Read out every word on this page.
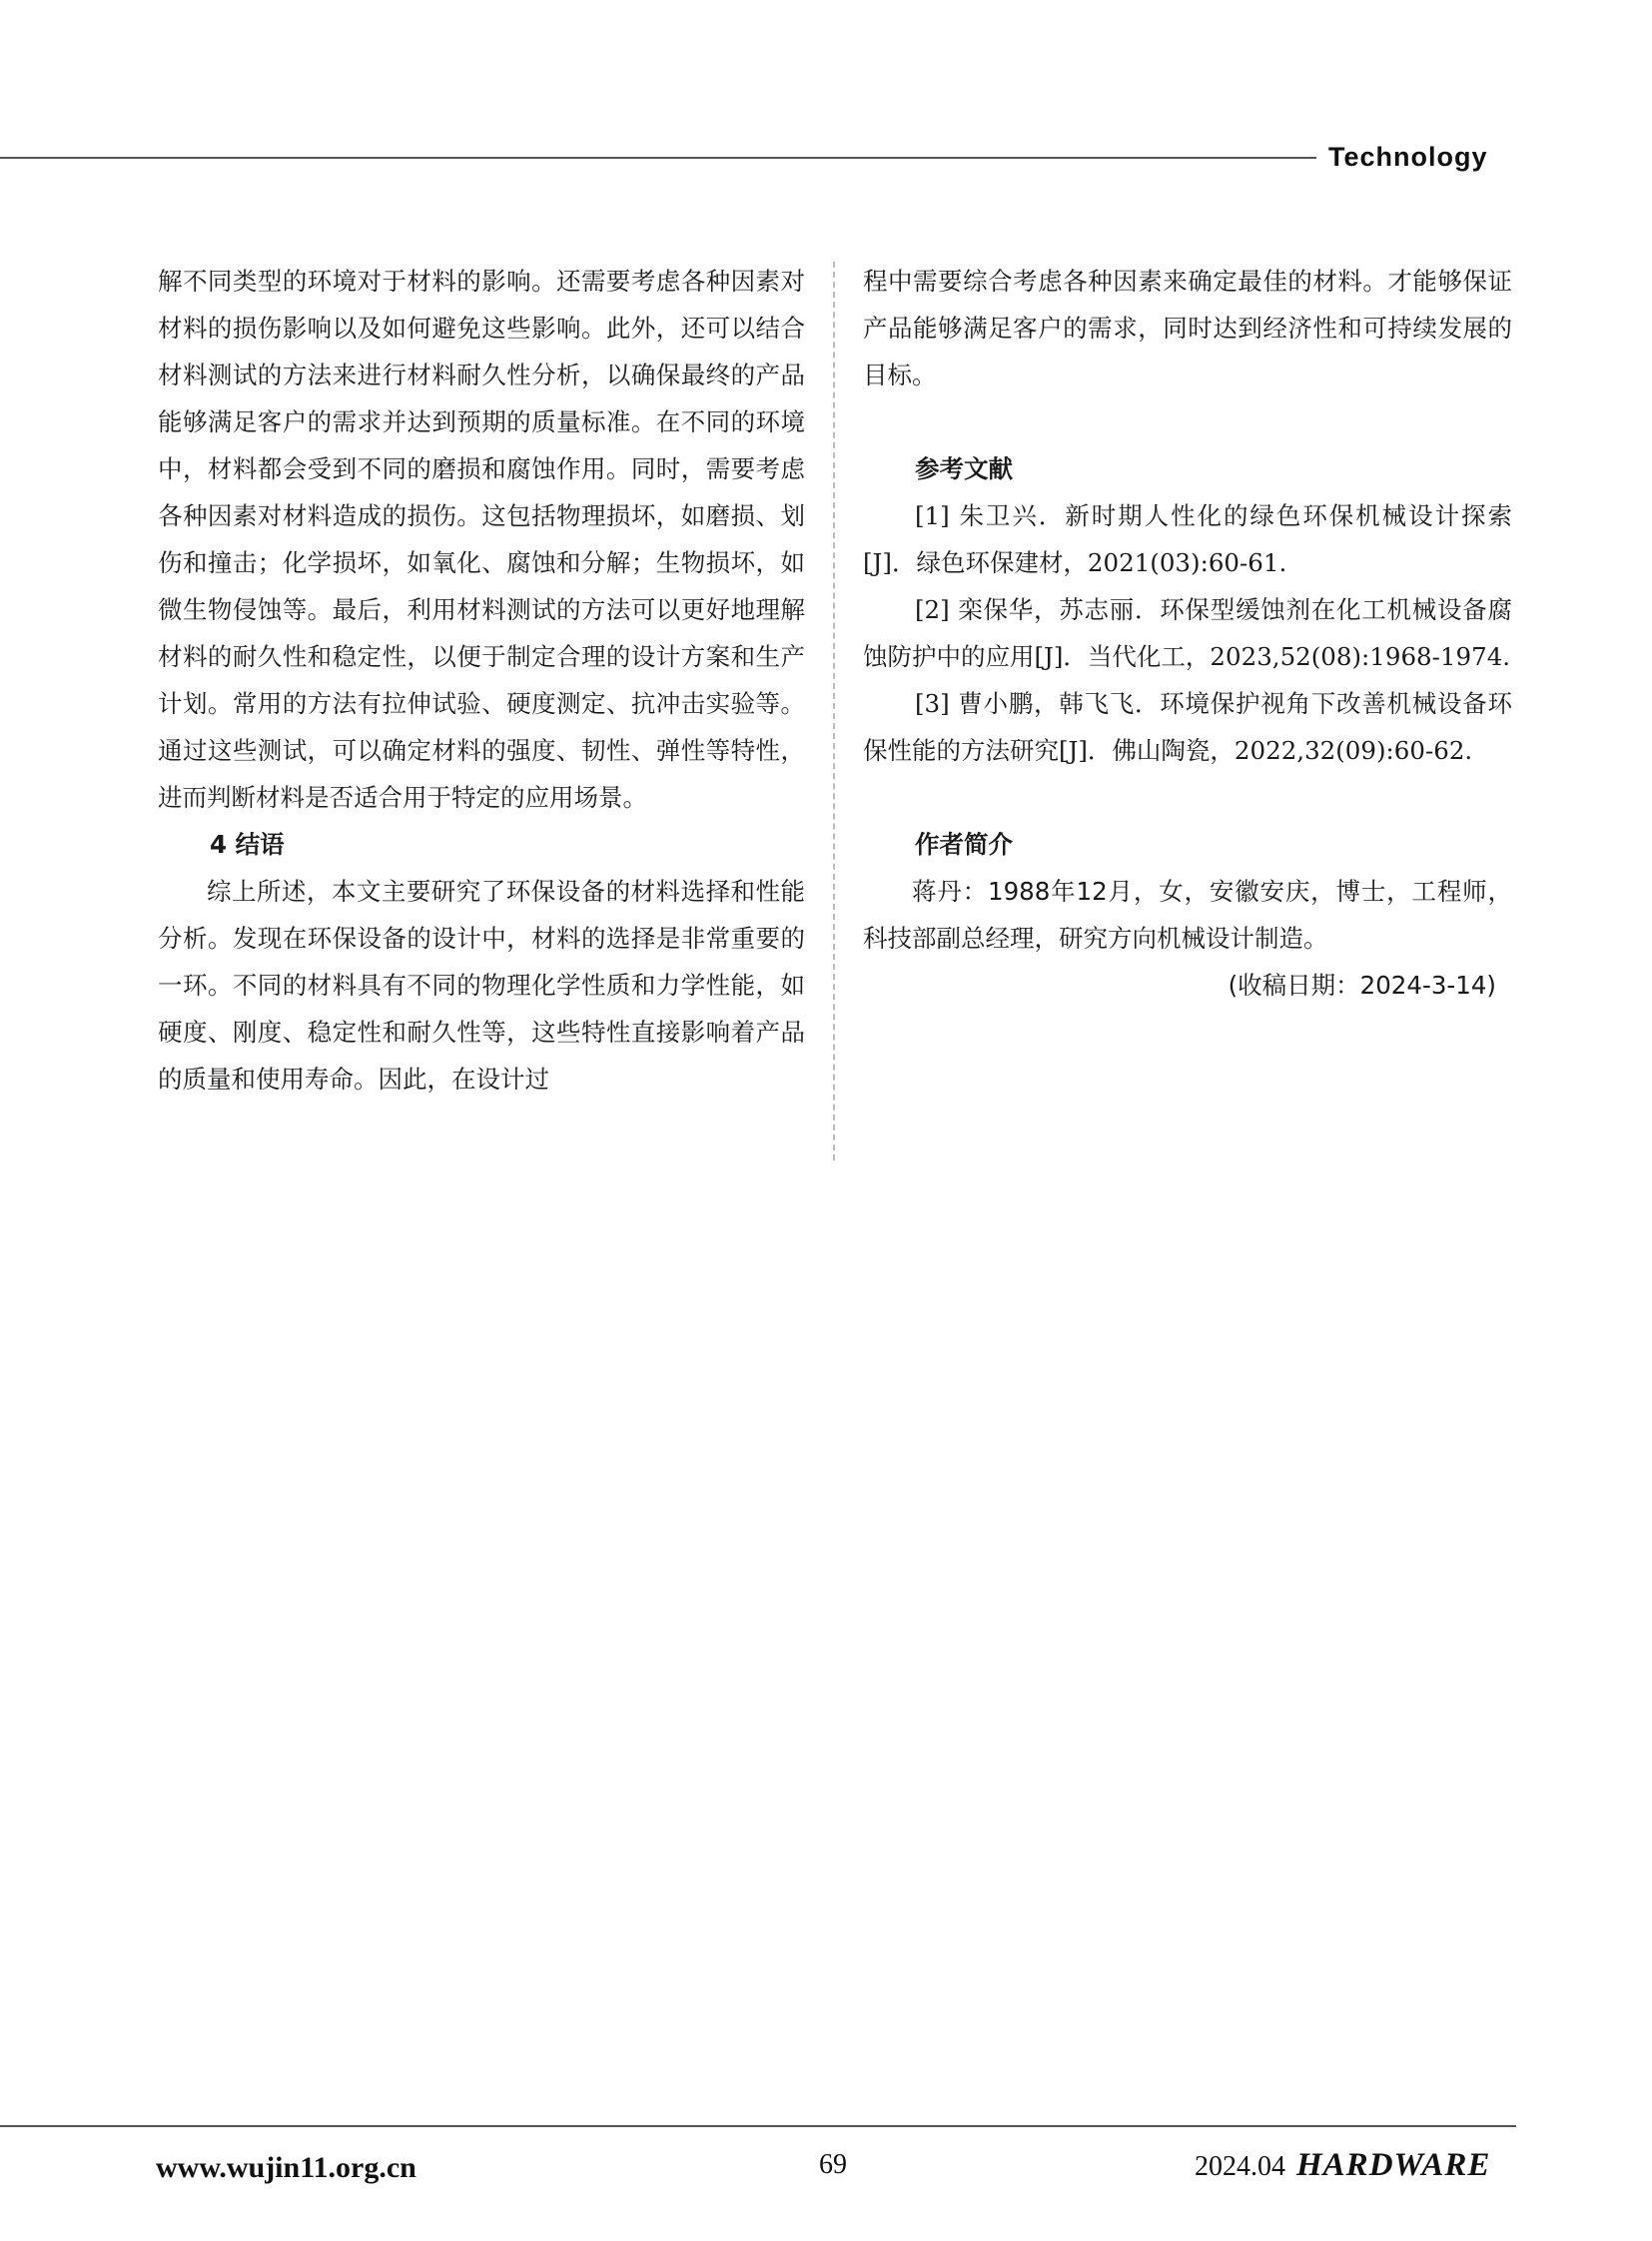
Technology

解不同类型的环境对于材料的影响。还需要考虑各种因素对材料的损伤影响以及如何避免这些影响。此外，还可以结合材料测试的方法来进行材料耐久性分析，以确保最终的产品能够满足客户的需求并达到预期的质量标准。在不同的环境中，材料都会受到不同的磨损和腐蚀作用。同时，需要考虑各种因素对材料造成的损伤。这包括物理损坏，如磨损、划伤和撞击；化学损坏，如氧化、腐蚀和分解；生物损坏，如微生物侵蚀等。最后，利用材料测试的方法可以更好地理解材料的耐久性和稳定性，以便于制定合理的设计方案和生产计划。常用的方法有拉伸试验、硬度测定、抗冲击实验等。通过这些测试，可以确定材料的强度、韧性、弹性等特性，进而判断材料是否适合用于特定的应用场景。

4 结语

综上所述，本文主要研究了环保设备的材料选择和性能分析。发现在环保设备的设计中，材料的选择是非常重要的一环。不同的材料具有不同的物理化学性质和力学性能，如硬度、刚度、稳定性和耐久性等，这些特性直接影响着产品的质量和使用寿命。因此，在设计过

程中需要综合考虑各种因素来确定最佳的材料。才能够保证产品能够满足客户的需求，同时达到经济性和可持续发展的目标。

参考文献

[1] 朱卫兴．新时期人性化的绿色环保机械设计探索[J]．绿色环保建材，2021(03):60-61.

[2] 栾保华，苏志丽．环保型缓蚀剂在化工机械设备腐蚀防护中的应用[J]．当代化工，2023,52(08):1968-1974.

[3] 曹小鹏，韩飞飞．环境保护视角下改善机械设备环保性能的方法研究[J]．佛山陶瓷，2022,32(09):60-62.

作者简介

蒋丹：1988年12月，女，安徽安庆，博士，工程师，科技部副总经理，研究方向机械设计制造。

(收稿日期：2024-3-14)

www.wujin11.org.cn	69	2024.04 HARDWARE
